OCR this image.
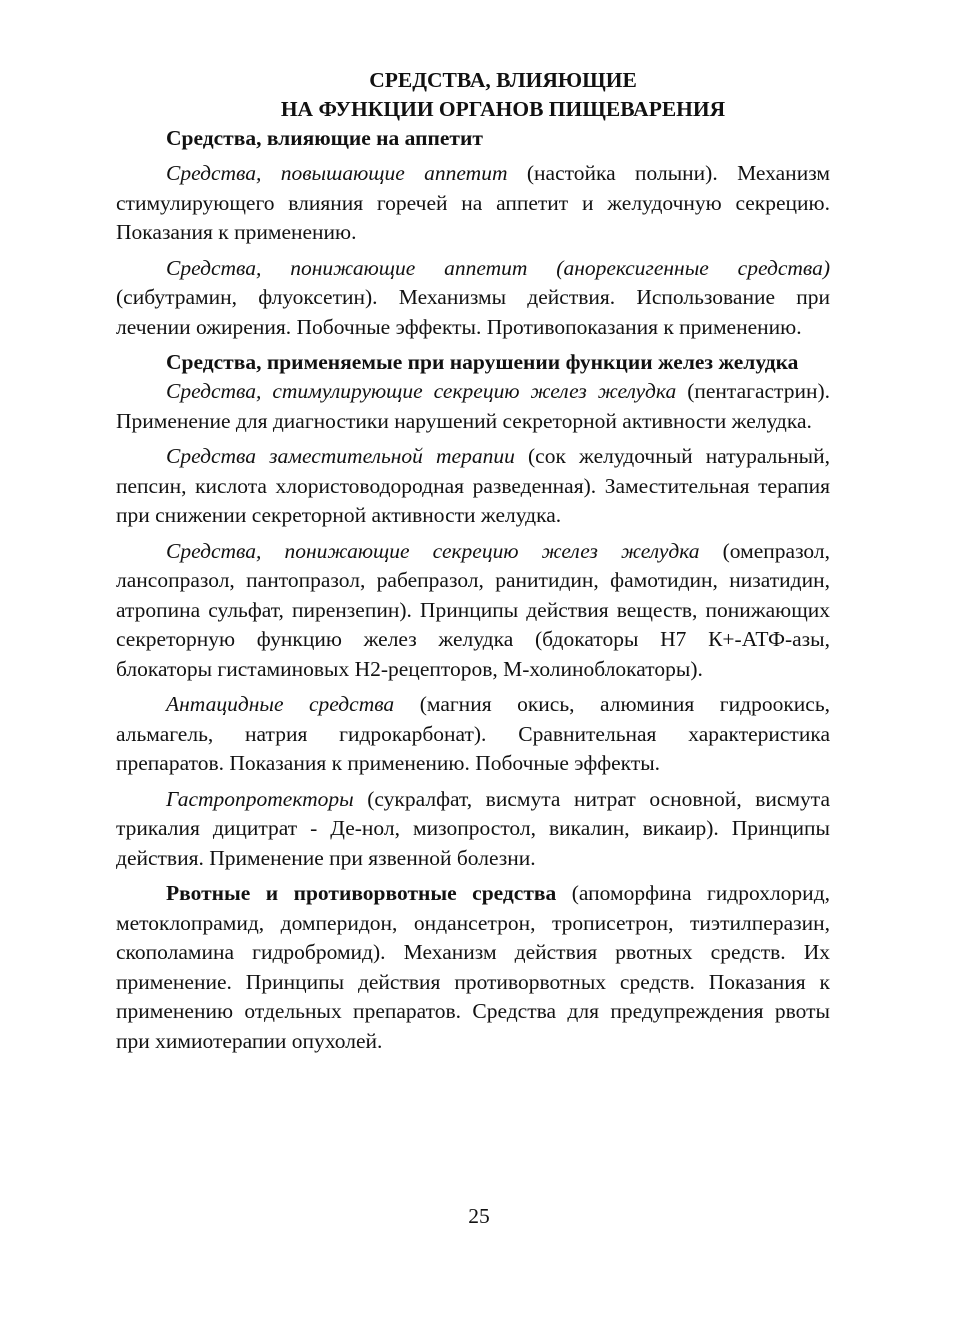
СРЕДСТВА, ВЛИЯЮЩИЕ
НА ФУНКЦИИ ОРГАНОВ ПИЩЕВАРЕНИЯ
Средства, влияющие на аппетит

Средства, повышающие аппетит (настойка полыни). Механизм стимулирующего влияния горечей на аппетит и желудочную секрецию. Показания к применению.

Средства, понижающие аппетит (анорексигенные средства) (сибутрамин, флуоксетин). Механизмы действия. Использование при лечении ожирения. Побочные эффекты. Противопоказания к применению.

Средства, применяемые при нарушении функции желез желудка

Средства, стимулирующие секрецию желез желудка (пентагастрин). Применение для диагностики нарушений секреторной активности желудка.

Средства заместительной терапии (сок желудочный натуральный, пепсин, кислота хлористоводородная разведенная). Заместительная терапия при снижении секреторной активности желудка.

Средства, понижающие секрецию желез желудка (омепразол, лансопразол, пантопразол, рабепразол, ранитидин, фамотидин, низатидин, атропина сульфат, пирензепин). Принципы действия веществ, понижающих секреторную функцию желез желудка (бдокаторы Н7 К+-АТФ-азы, блокаторы гистаминовых Н2-рецепторов, М-холиноблокаторы).

Антацидные средства (магния окись, алюминия гидроокись, альмагель, натрия гидрокарбонат). Сравнительная характеристика препаратов. Показания к применению. Побочные эффекты.

Гастропротекторы (сукралфат, висмута нитрат основной, висмута трикалия дицитрат - Де-нол, мизопростол, викалин, викаир). Принципы действия. Применение при язвенной болезни.

Рвотные и противорвотные средства (апоморфина гидрохлорид, метоклопрамид, домперидон, ондансетрон, трописетрон, тиэтилперазин, скополамина гидробромид). Механизм действия рвотных средств. Их применение. Принципы действия противорвотных средств. Показания к применению отдельных препаратов. Средства для предупреждения рвоты при химиотерапии опухолей.

25
